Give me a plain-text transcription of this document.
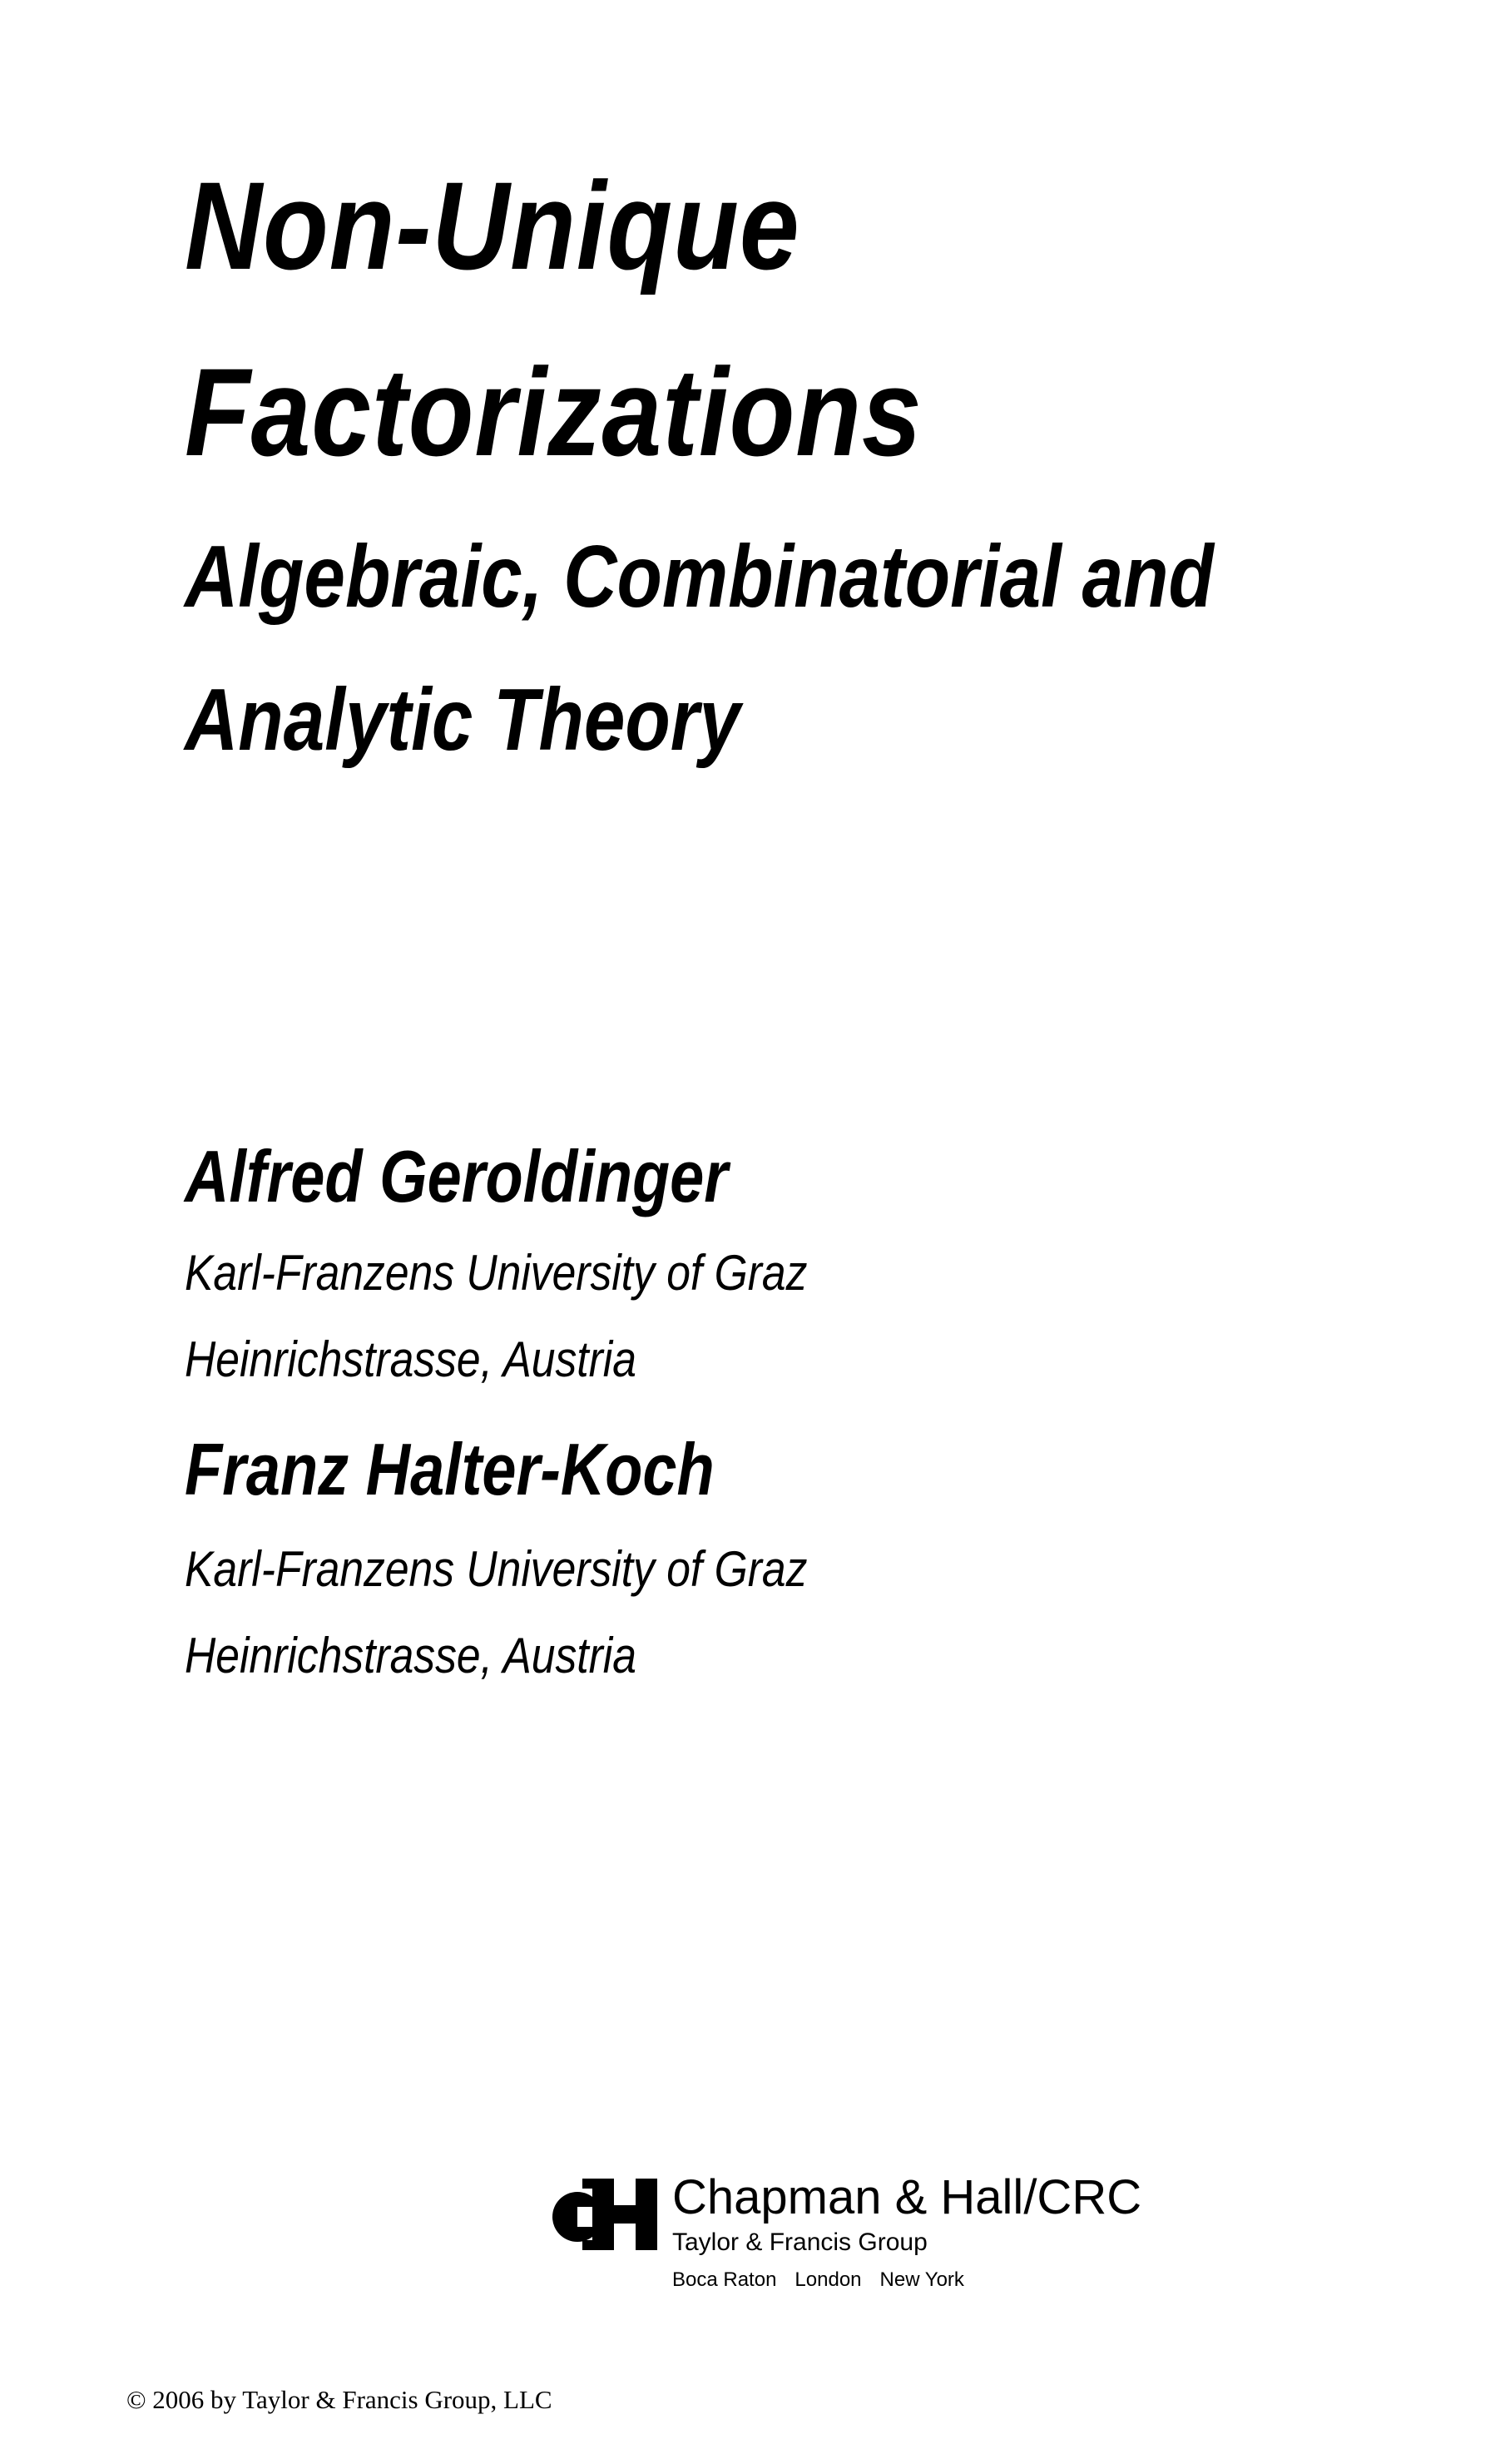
Non-Unique
Factorizations
Algebraic, Combinatorial and
Analytic Theory
Alfred Geroldinger
Karl-Franzens University of Graz
Heinrichstrasse, Austria
Franz Halter-Koch
Karl-Franzens University of Graz
Heinrichstrasse, Austria
Chapman & Hall/CRC
Taylor & Francis Group
Boca Raton London New York
© 2006 by Taylor & Francis Group, LLC
